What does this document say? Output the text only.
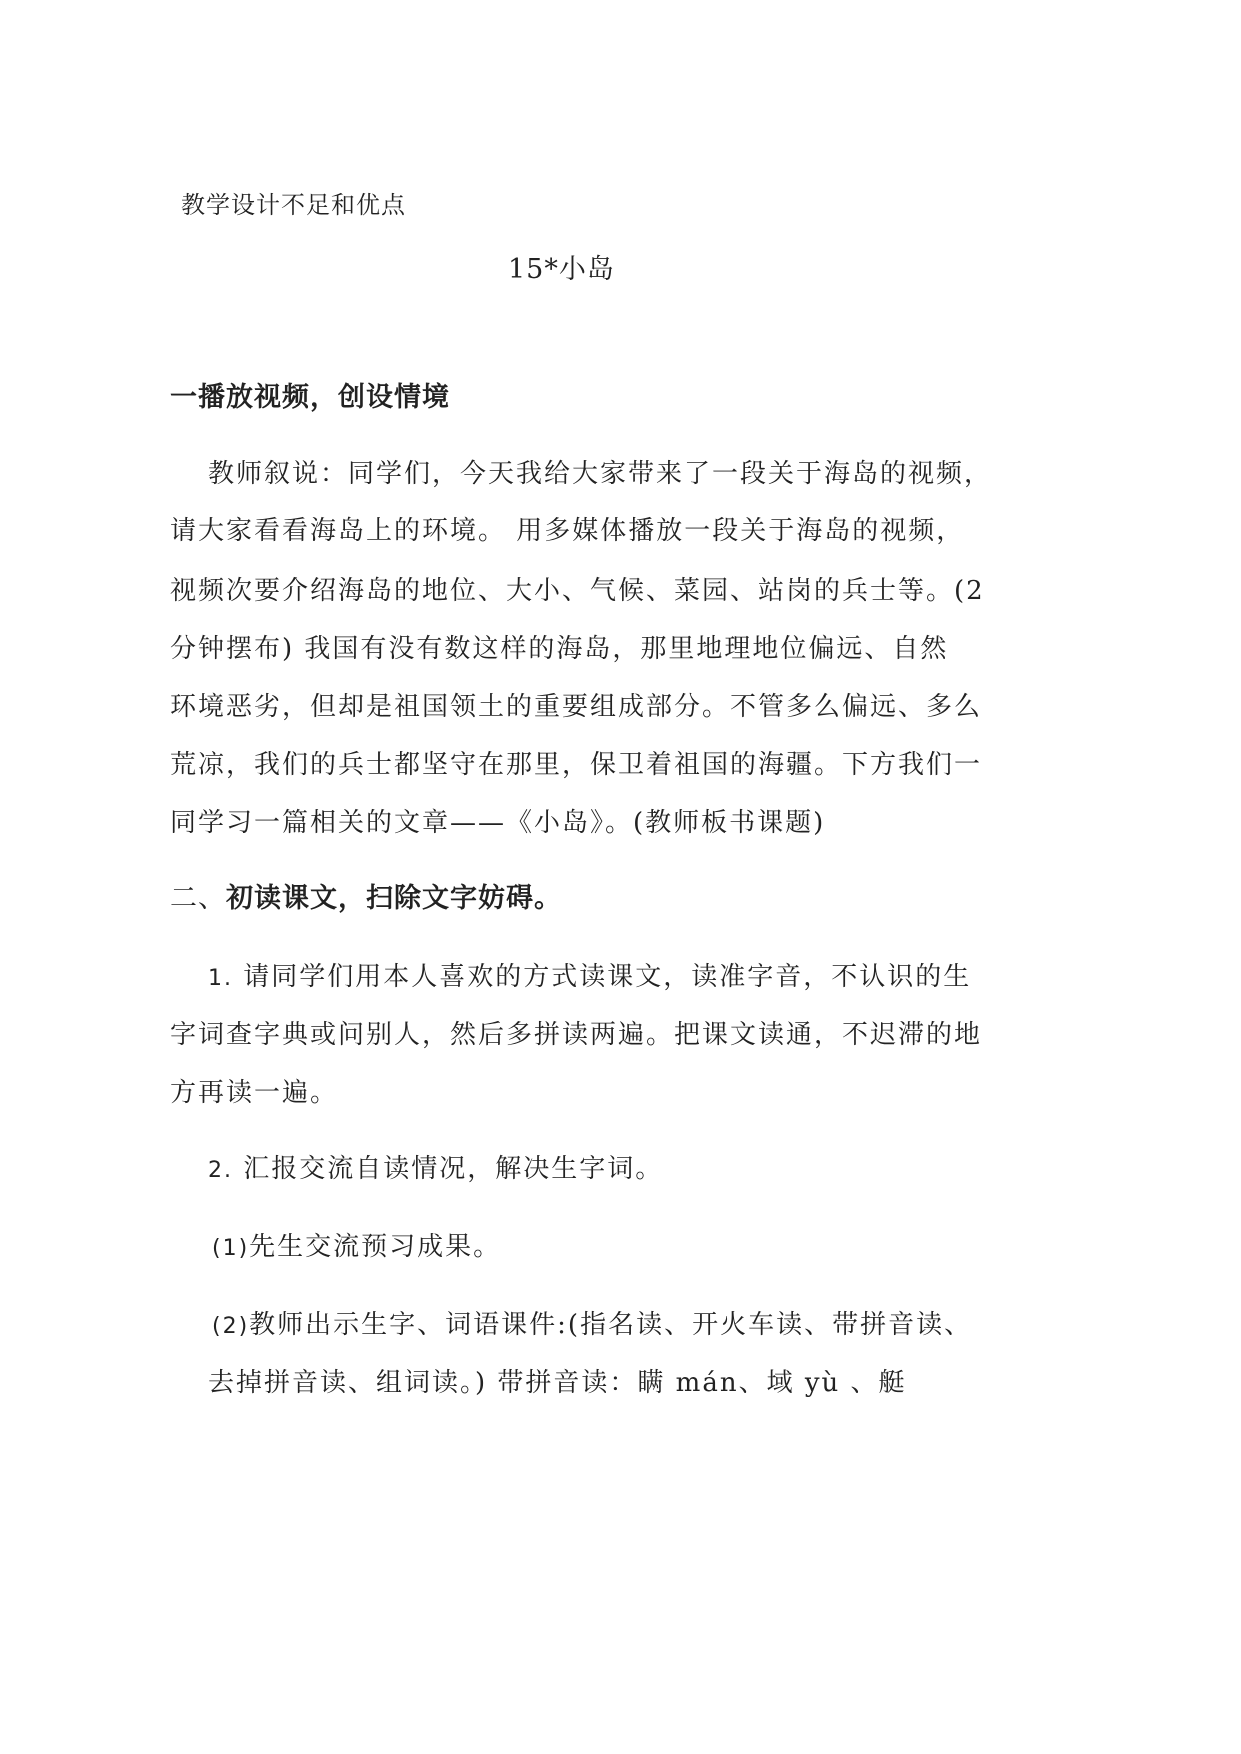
教学设计不足和优点
15*小岛
一播放视频，创设情境
教师叙说：同学们，今天我给大家带来了一段关于海岛的视频，
请大家看看海岛上的环境。 用多媒体播放一段关于海岛的视频，
视频次要介绍海岛的地位、大小、气候、菜园、站岗的兵士等。(2
分钟摆布) 我国有没有数这样的海岛，那里地理地位偏远、自然
环境恶劣，但却是祖国领土的重要组成部分。不管多么偏远、多么
荒凉，我们的兵士都坚守在那里，保卫着祖国的海疆。下方我们一
同学习一篇相关的文章——《小岛》。(教师板书课题)
二、初读课文，扫除文字妨碍。
1. 请同学们用本人喜欢的方式读课文，读准字音，不认识的生
字词查字典或问别人，然后多拼读两遍。把课文读通，不迟滞的地
方再读一遍。
2. 汇报交流自读情况，解决生字词。
(1)先生交流预习成果。
(2)教师出示生字、词语课件:(指名读、开火车读、带拼音读、
去掉拼音读、组词读。) 带拼音读：瞒 mán、域 yù 、艇
